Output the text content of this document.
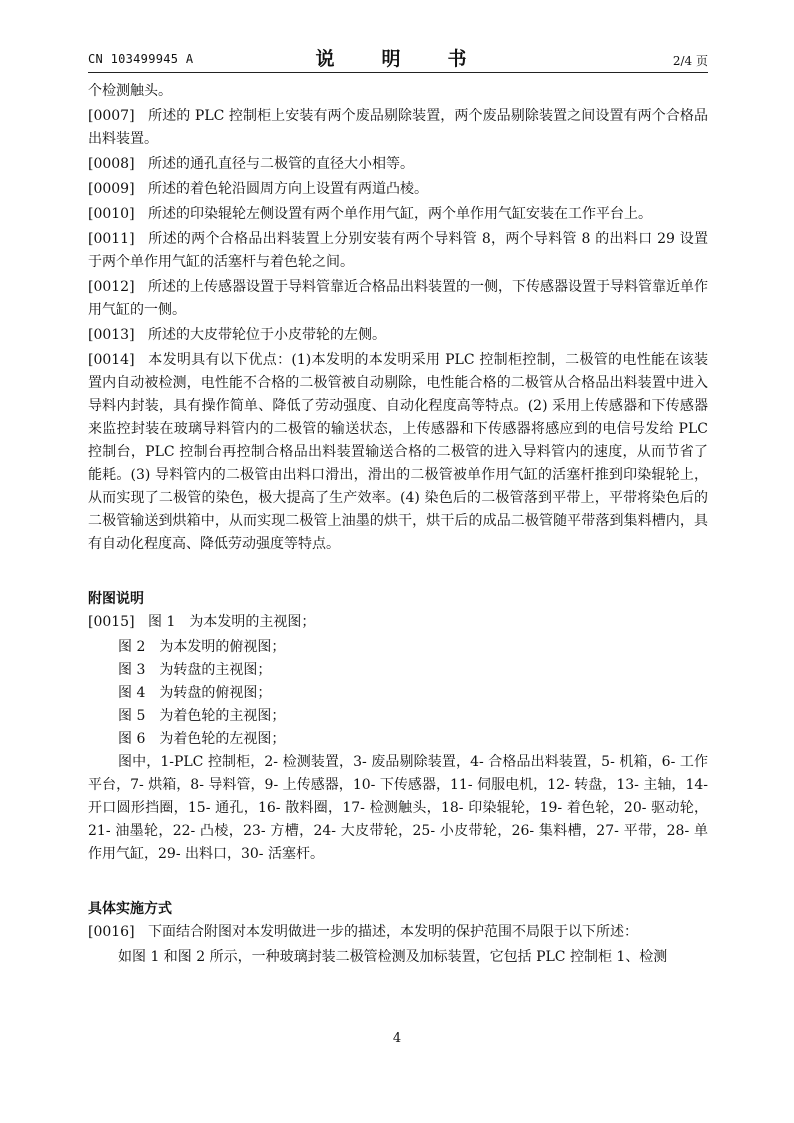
CN 103499945 A	说　明　书	2/4 页

个检测触头。

[0007] 所述的 PLC 控制柜上安装有两个废品剔除装置，两个废品剔除装置之间设置有两个合格品出料装置。

[0008] 所述的通孔直径与二极管的直径大小相等。

[0009] 所述的着色轮沿圆周方向上设置有两道凸棱。

[0010] 所述的印染辊轮左侧设置有两个单作用气缸，两个单作用气缸安装在工作平台上。

[0011] 所述的两个合格品出料装置上分别安装有两个导料管 8，两个导料管 8 的出料口 29 设置于两个单作用气缸的活塞杆与着色轮之间。

[0012] 所述的上传感器设置于导料管靠近合格品出料装置的一侧，下传感器设置于导料管靠近单作用气缸的一侧。

[0013] 所述的大皮带轮位于小皮带轮的左侧。

[0014] 本发明具有以下优点：(1)本发明的本发明采用 PLC 控制柜控制，二极管的电性能在该装置内自动被检测，电性能不合格的二极管被自动剔除，电性能合格的二极管从合格品出料装置中进入导料内封装，具有操作简单、降低了劳动强度、自动化程度高等特点。(2) 采用上传感器和下传感器来监控封装在玻璃导料管内的二极管的输送状态，上传感器和下传感器将感应到的电信号发给 PLC 控制台，PLC 控制台再控制合格品出料装置输送合格的二极管的进入导料管内的速度，从而节省了能耗。(3) 导料管内的二极管由出料口滑出，滑出的二极管被单作用气缸的活塞杆推到印染辊轮上，从而实现了二极管的染色，极大提高了生产效率。(4) 染色后的二极管落到平带上，平带将染色后的二极管输送到烘箱中，从而实现二极管上油墨的烘干，烘干后的成品二极管随平带落到集料槽内，具有自动化程度高、降低劳动强度等特点。

附图说明

[0015] 图 1　为本发明的主视图；

图 2　为本发明的俯视图；

图 3　为转盘的主视图；

图 4　为转盘的俯视图；

图 5　为着色轮的主视图；

图 6　为着色轮的左视图；

图中，1-PLC 控制柜，2- 检测装置，3- 废品剔除装置，4- 合格品出料装置，5- 机箱，6- 工作平台，7- 烘箱，8- 导料管，9- 上传感器，10- 下传感器，11- 伺服电机，12- 转盘，13- 主轴，14- 开口圆形挡圈，15- 通孔，16- 散料圈，17- 检测触头，18- 印染辊轮，19- 着色轮，20- 驱动轮，21- 油墨轮，22- 凸棱，23- 方槽，24- 大皮带轮，25- 小皮带轮，26- 集料槽，27- 平带，28- 单作用气缸，29- 出料口，30- 活塞杆。

具体实施方式

[0016] 下面结合附图对本发明做进一步的描述，本发明的保护范围不局限于以下所述：

如图 1 和图 2 所示，一种玻璃封装二极管检测及加标装置，它包括 PLC 控制柜 1、检测

4
